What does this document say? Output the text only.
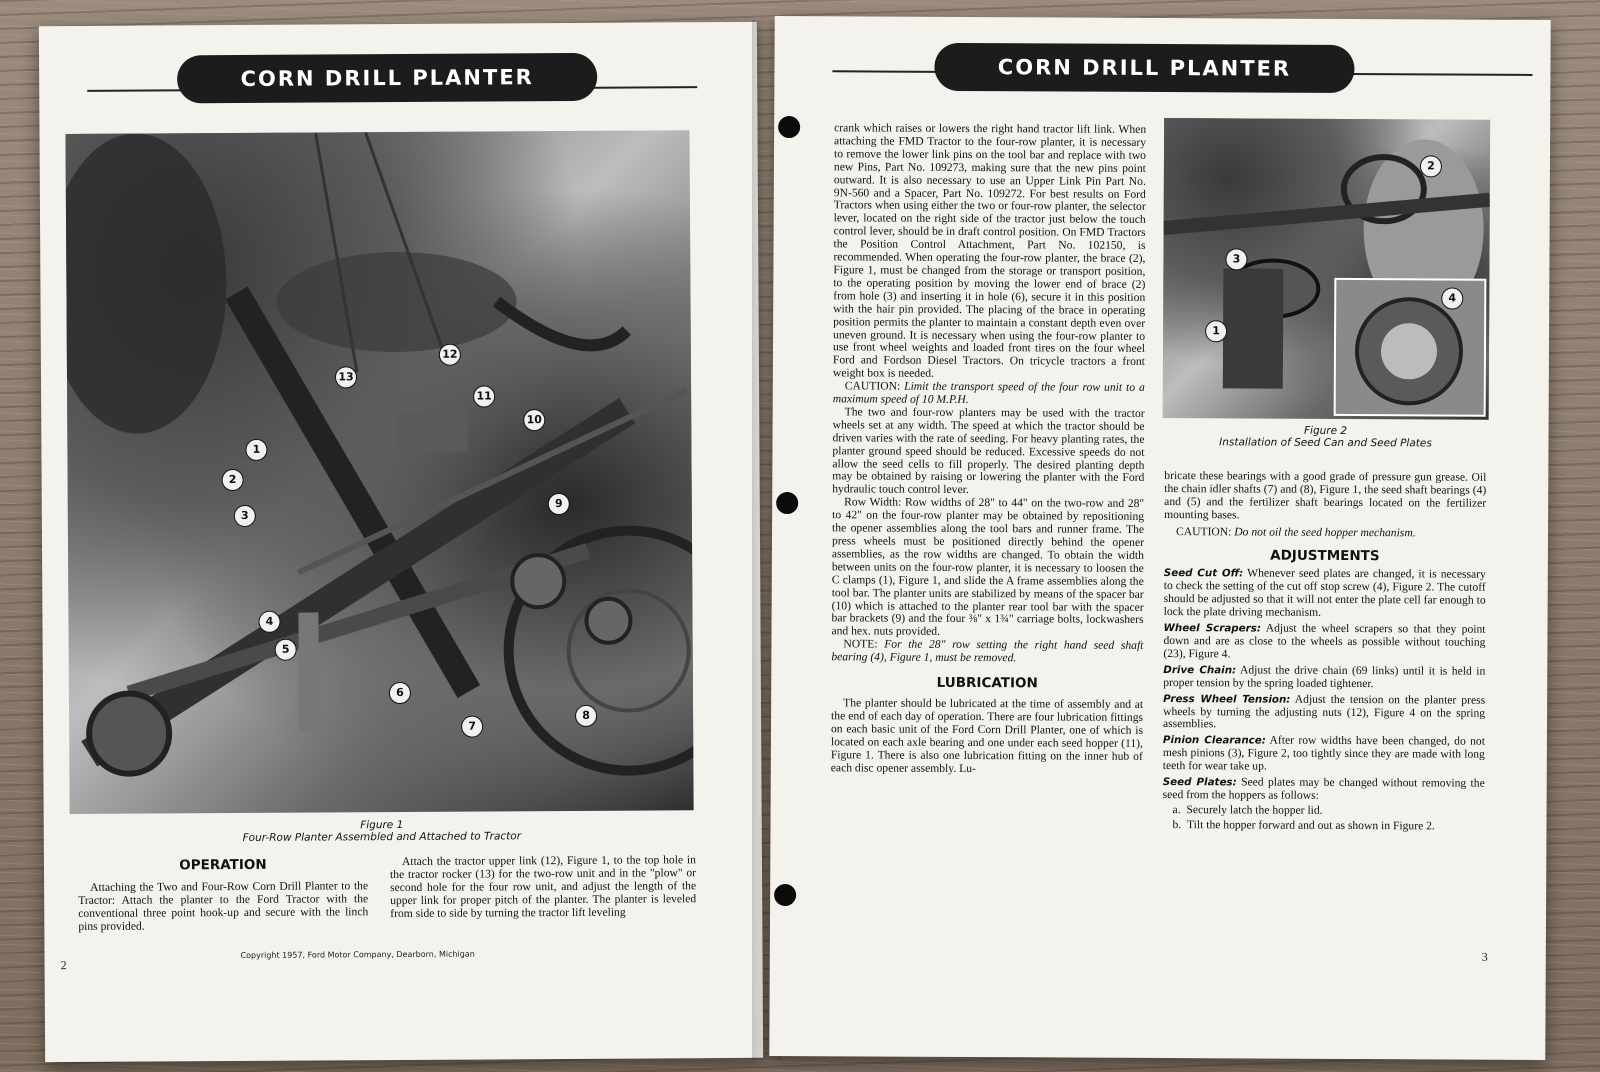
CORN DRILL PLANTER
13
12
11
10
1
2
3
9
4
5
6
7
8
Figure 1
Four-Row Planter Assembled and Attached to Tractor
OPERATION

Attaching the Two and Four-Row Corn Drill Planter to the Tractor: Attach the planter to the Ford Tractor with the conventional three point hook-up and secure with the linch pins provided.

Attach the tractor upper link (12), Figure 1, to the top hole in the tractor rocker (13) for the two-row unit and in the "plow" or second hole for the four row unit, and adjust the length of the upper link for proper pitch of the planter. The planter is leveled from side to side by turning the tractor lift leveling

Copyright 1957, Ford Motor Company, Dearborn, Michigan
2
CORN DRILL PLANTER

crank which raises or lowers the right hand tractor lift link. When attaching the FMD Tractor to the four-row planter, it is necessary to remove the lower link pins on the tool bar and replace with two new Pins, Part No. 109273, making sure that the new pins point outward. It is also necessary to use an Upper Link Pin Part No. 9N-560 and a Spacer, Part No. 109272. For best results on Ford Tractors when using either the two or four-row planter, the selector lever, located on the right side of the tractor just below the touch control lever, should be in draft control position. On FMD Tractors the Position Control Attachment, Part No. 102150, is recommended. When operating the four-row planter, the brace (2), Figure 1, must be changed from the storage or transport position, to the operating position by moving the lower end of brace (2) from hole (3) and inserting it in hole (6), secure it in this position with the hair pin provided. The placing of the brace in operating position permits the planter to maintain a constant depth even over uneven ground. It is necessary when using the four-row planter to use front wheel weights and loaded front tires on the four wheel Ford and Fordson Diesel Tractors. On tricycle tractors a front weight box is needed.

CAUTION: Limit the transport speed of the four row unit to a maximum speed of 10 M.P.H.

The two and four-row planters may be used with the tractor wheels set at any width. The speed at which the tractor should be driven varies with the rate of seeding. For heavy planting rates, the planter ground speed should be reduced. Excessive speeds do not allow the seed cells to fill properly. The desired planting depth may be obtained by raising or lowering the planter with the Ford hydraulic touch control lever.

Row Width: Row widths of 28" to 44" on the two-row and 28" to 42" on the four-row planter may be obtained by repositioning the opener assemblies along the tool bars and runner frame. The press wheels must be positioned directly behind the opener assemblies, as the row widths are changed. To obtain the width between units on the four-row planter, it is necessary to loosen the C clamps (1), Figure 1, and slide the A frame assemblies along the tool bar. The planter units are stabilized by means of the spacer bar (10) which is attached to the planter rear tool bar with the spacer bar brackets (9) and the four ⅜" x 1¾" carriage bolts, lockwashers and hex. nuts provided.

NOTE: For the 28" row setting the right hand seed shaft bearing (4), Figure 1, must be removed.

LUBRICATION

The planter should be lubricated at the time of assembly and at the end of each day of operation. There are four lubrication fittings on each basic unit of the Ford Corn Drill Planter, one of which is located on each axle bearing and one under each seed hopper (11), Figure 1. There is also one lubrication fitting on the inner hub of each disc opener assembly. Lu-

2
3
1
4
Figure 2
Installation of Seed Can and Seed Plates

bricate these bearings with a good grade of pressure gun grease. Oil the chain idler shafts (7) and (8), Figure 1, the seed shaft bearings (4) and (5) and the fertilizer shaft bearings located on the fertilizer mounting bases.

CAUTION: Do not oil the seed hopper mechanism.

ADJUSTMENTS

Seed Cut Off: Whenever seed plates are changed, it is necessary to check the setting of the cut off stop screw (4), Figure 2. The cutoff should be adjusted so that it will not enter the plate cell far enough to lock the plate driving mechanism.

Wheel Scrapers: Adjust the wheel scrapers so that they point down and are as close to the wheels as possible without touching (23), Figure 4.

Drive Chain: Adjust the drive chain (69 links) until it is held in proper tension by the spring loaded tightener.

Press Wheel Tension: Adjust the tension on the planter press wheels by turning the adjusting nuts (12), Figure 4 on the spring assemblies.

Pinion Clearance: After row widths have been changed, do not mesh pinions (3), Figure 2, too tightly since they are made with long teeth for wear take up.

Seed Plates: Seed plates may be changed without removing the seed from the hoppers as follows:

a. Securely latch the hopper lid.
b. Tilt the hopper forward and out as shown in Figure 2.
3
